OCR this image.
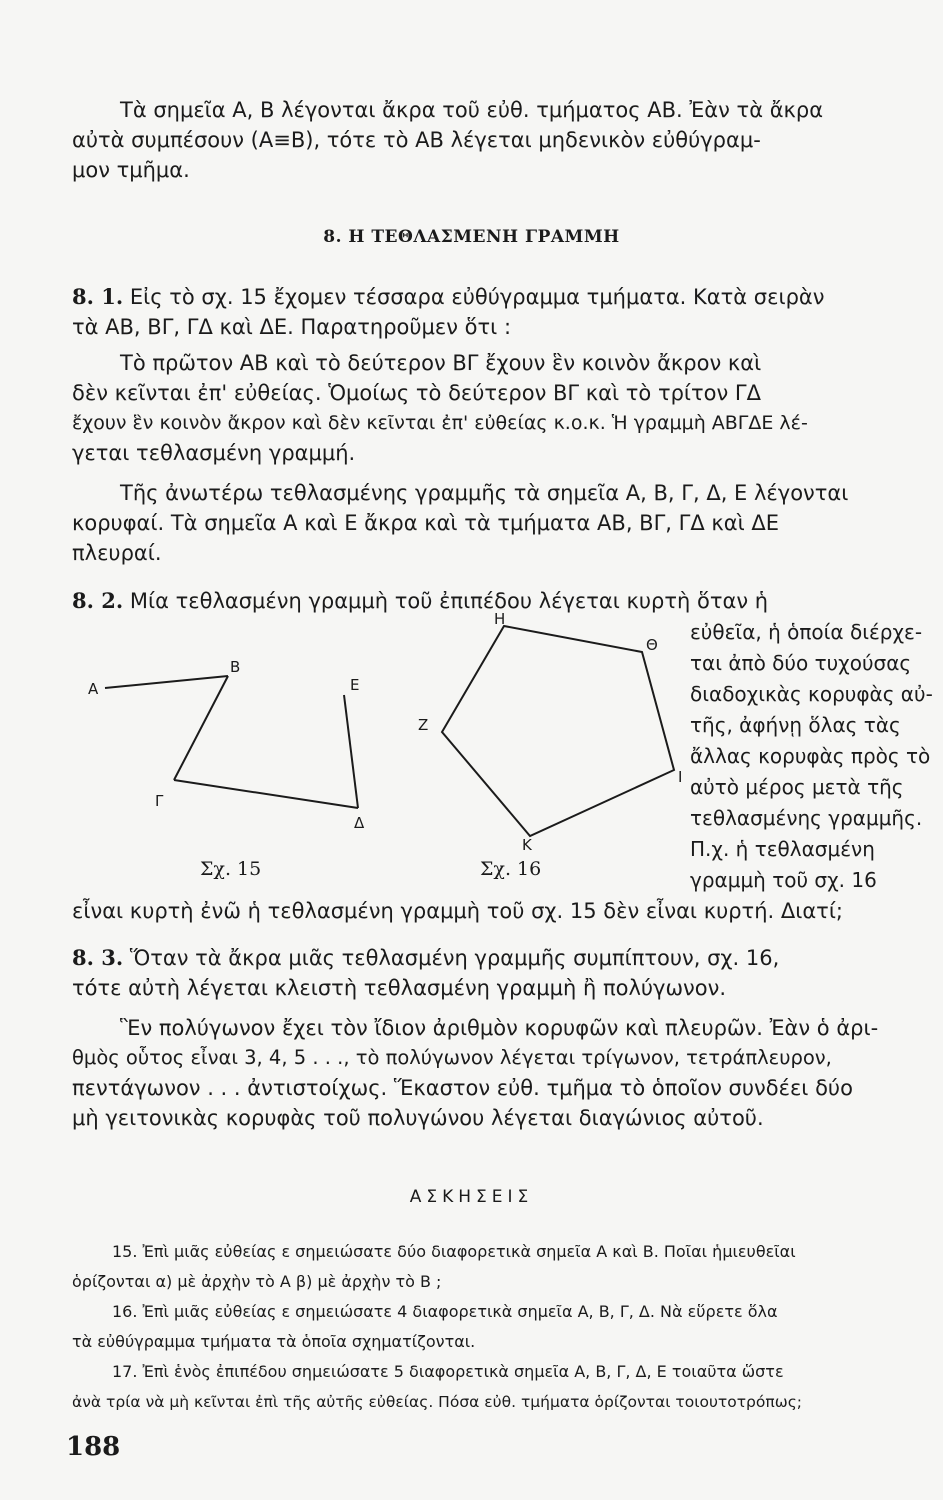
Τὰ σημεῖα Α, Β λέγονται ἄκρα τοῦ εὐθ. τμήματος ΑΒ. Ἐὰν τὰ ἄκρα

αὐτὰ συμπέσουν (Α≡Β), τότε τὸ ΑΒ λέγεται μηδενικὸν εὐθύγραμ-

μον τμῆμα.

8. Η ΤΕΘΛΑΣΜΕΝΗ ΓΡΑΜΜΗ

8. 1. Εἰς τὸ σχ. 15 ἔχομεν τέσσαρα εὐθύγραμμα τμήματα. Κατὰ σειρὰν

τὰ ΑΒ, ΒΓ, ΓΔ καὶ ΔΕ. Παρατηροῦμεν ὅτι :

Τὸ πρῶτον ΑΒ καὶ τὸ δεύτερον ΒΓ ἔχουν ἓν κοινὸν ἄκρον καὶ

δὲν κεῖνται ἐπ' εὐθείας. Ὁμοίως τὸ δεύτερον ΒΓ καὶ τὸ τρίτον ΓΔ

ἔχουν ἓν κοινὸν ἄκρον καὶ δὲν κεῖνται ἐπ' εὐθείας κ.ο.κ. Ἡ γραμμὴ ΑΒΓΔΕ λέ-

γεται τεθλασμένη γραμμή.

Τῆς ἀνωτέρω τεθλασμένης γραμμῆς τὰ σημεῖα Α, Β, Γ, Δ, Ε λέγονται

κορυφαί. Τὰ σημεῖα Α καὶ Ε ἄκρα καὶ τὰ τμήματα ΑΒ, ΒΓ, ΓΔ καὶ ΔΕ

πλευραί.

8. 2. Μία τεθλασμένη γραμμὴ τοῦ ἐπιπέδου λέγεται κυρτὴ ὅταν ἡ

εὐθεῖα, ἡ ὁποία διέρχε-
ται ἀπὸ δύο τυχούσας
διαδοχικὰς κορυφὰς αὐ-
τῆς, ἀφήνῃ ὅλας τὰς
ἄλλας κορυφὰς πρὸς τὸ
αὐτὸ μέρος μετὰ τῆς
τεθλασμένης γραμμῆς.
Π.χ. ἡ τεθλασμένη
γραμμὴ τοῦ σχ. 16
Α
Β
Γ
Δ
Ε
Σχ. 15
Η
Θ
Ζ
Ι
Κ
Σχ. 16

εἶναι κυρτὴ ἐνῶ ἡ τεθλασμένη γραμμὴ τοῦ σχ. 15 δὲν εἶναι κυρτή. Διατί;

8. 3. Ὅταν τὰ ἄκρα μιᾶς τεθλασμένη γραμμῆς συμπίπτουν, σχ. 16,

τότε αὐτὴ λέγεται κλειστὴ τεθλασμένη γραμμὴ ἢ πολύγωνον.

Ἓν πολύγωνον ἔχει τὸν ἴδιον ἀριθμὸν κορυφῶν καὶ πλευρῶν. Ἐὰν ὁ ἀρι-

θμὸς οὗτος εἶναι 3, 4, 5 . . ., τὸ πολύγωνον λέγεται τρίγωνον, τετράπλευρον,

πεντάγωνον . . . ἀντιστοίχως. Ἕκαστον εὐθ. τμῆμα τὸ ὁποῖον συνδέει δύο

μὴ γειτονικὰς κορυφὰς τοῦ πολυγώνου λέγεται διαγώνιος αὐτοῦ.

ΑΣΚΗΣΕΙΣ
15. Ἐπὶ μιᾶς εὐθείας ε σημειώσατε δύο διαφορετικὰ σημεῖα Α καὶ Β. Ποῖαι ἡμιευθεῖαι
ὁρίζονται α) μὲ ἀρχὴν τὸ Α β) μὲ ἀρχὴν τὸ Β ;
16. Ἐπὶ μιᾶς εὐθείας ε σημειώσατε 4 διαφορετικὰ σημεῖα Α, Β, Γ, Δ. Νὰ εὕρετε ὅλα
τὰ εὐθύγραμμα τμήματα τὰ ὁποῖα σχηματίζονται.
17. Ἐπὶ ἑνὸς ἐπιπέδου σημειώσατε 5 διαφορετικὰ σημεῖα Α, Β, Γ, Δ, Ε τοιαῦτα ὥστε
ἀνὰ τρία νὰ μὴ κεῖνται ἐπὶ τῆς αὐτῆς εὐθείας. Πόσα εὐθ. τμήματα ὁρίζονται τοιουτοτρόπως;
188
